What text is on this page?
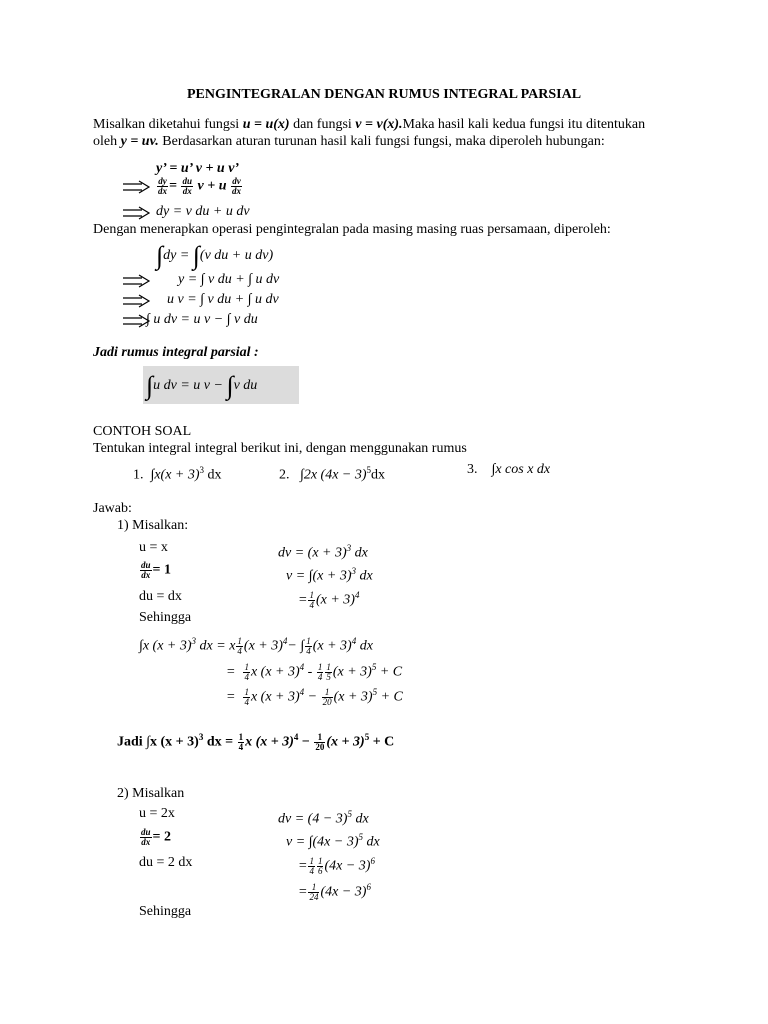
PENGINTEGRALAN DENGAN RUMUS INTEGRAL PARSIAL
Misalkan diketahui fungsi u = u(x) dan fungsi v = v(x).Maka hasil kali kedua fungsi itu ditentukan
oleh y = uv. Berdasarkan aturan turunan hasil kali fungsi fungsi, maka diperoleh hubungan:
y’ = u’ v + u v’
$\frac{dy}{dx} = \frac{du}{dx}$ v + u $\frac{dv}{dx}$
dy = v du + u dv
Dengan menerapkan operasi pengintegralan pada masing masing ruas persamaan, diperoleh:
∫dy = ∫(v du + u dv)
y = ∫ v du + ∫ u dv
u v = ∫ v du + ∫ u dv
∫ u dv = u v − ∫ v du
Jadi rumus integral parsial :
∫u dv = u v − ∫v du
CONTOH SOAL
Tentukan integral integral berikut ini, dengan menggunakan rumus
1. $\int x(x + 3)^3$ dx	2. ∫2x $(4x - 3)^5dx$	3. ∫x cos x dx
Jawab:
1) Misalkan:
u = x	dv = $(x + 3)^3$ dx
$\frac{du}{dx} = 1$	$v = \int(x + 3)^3$ dx
du = dx	= $\frac{1}{4} (x + 3)^4$
Sehingga
∫x $(x + 3)^3$ dx = x $\frac{1}{4} (x + 3)^4-$ ∫ $\frac{1}{4} (x + 3)^4$ dx
= $\frac{1}{4}$ x $(x + 3)^4 - \frac{1}{4} \frac{1}{5} (x + 3)^5 + C$
= $\frac{1}{4}$ x $(x + 3)^4 - \frac{1}{20} (x + 3)^5 + C$
Jadi ∫x $(x + 3)^3$ dx = $\frac{1}{4}$ x $(x + 3)^4 - \frac{1}{20} (x + 3)^5 + C$
2) Misalkan
u = 2x	dv = $(4 - 3)^5$ dx
$\frac{du}{dx} = 2$	$v = \int(4x - 3)^5$ dx
du = 2 dx	= $\frac{1}{4} \frac{1}{6} (4x - 3)^6$
= $\frac{1}{24} (4x - 3)^6$
Sehingga
